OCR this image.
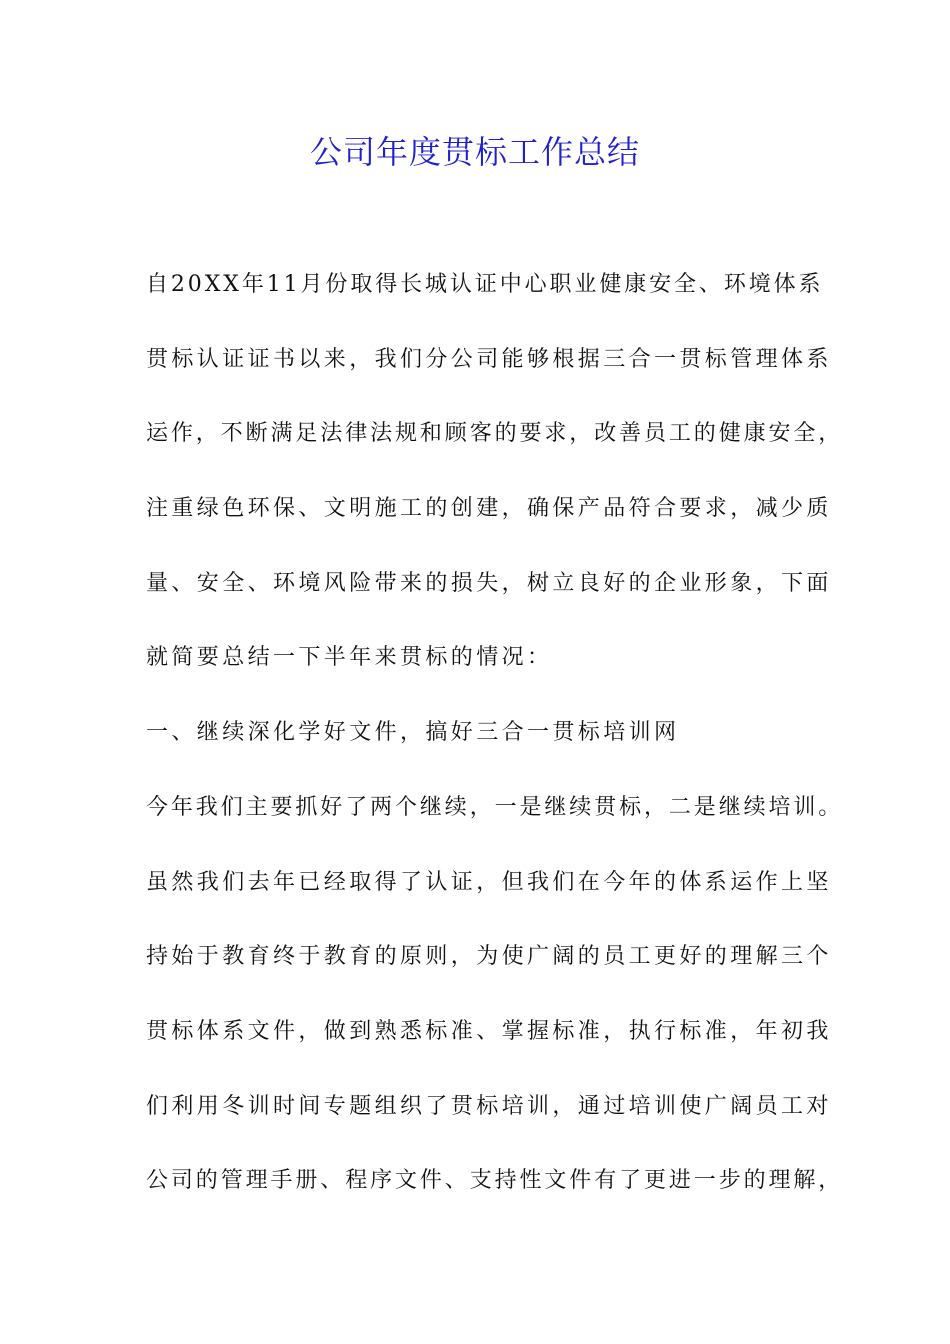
公司年度贯标工作总结
自20XX年11月份取得长城认证中心职业健康安全、环境体系
贯标认证证书以来，我们分公司能够根据三合一贯标管理体系
运作，不断满足法律法规和顾客的要求，改善员工的健康安全，
注重绿色环保、文明施工的创建，确保产品符合要求，减少质
量、安全、环境风险带来的损失，树立良好的企业形象，下面
就简要总结一下半年来贯标的情况：
一、继续深化学好文件，搞好三合一贯标培训网
今年我们主要抓好了两个继续，一是继续贯标，二是继续培训。
虽然我们去年已经取得了认证，但我们在今年的体系运作上坚
持始于教育终于教育的原则，为使广阔的员工更好的理解三个
贯标体系文件，做到熟悉标准、掌握标准，执行标准，年初我
们利用冬训时间专题组织了贯标培训，通过培训使广阔员工对
公司的管理手册、程序文件、支持性文件有了更进一步的理解，
